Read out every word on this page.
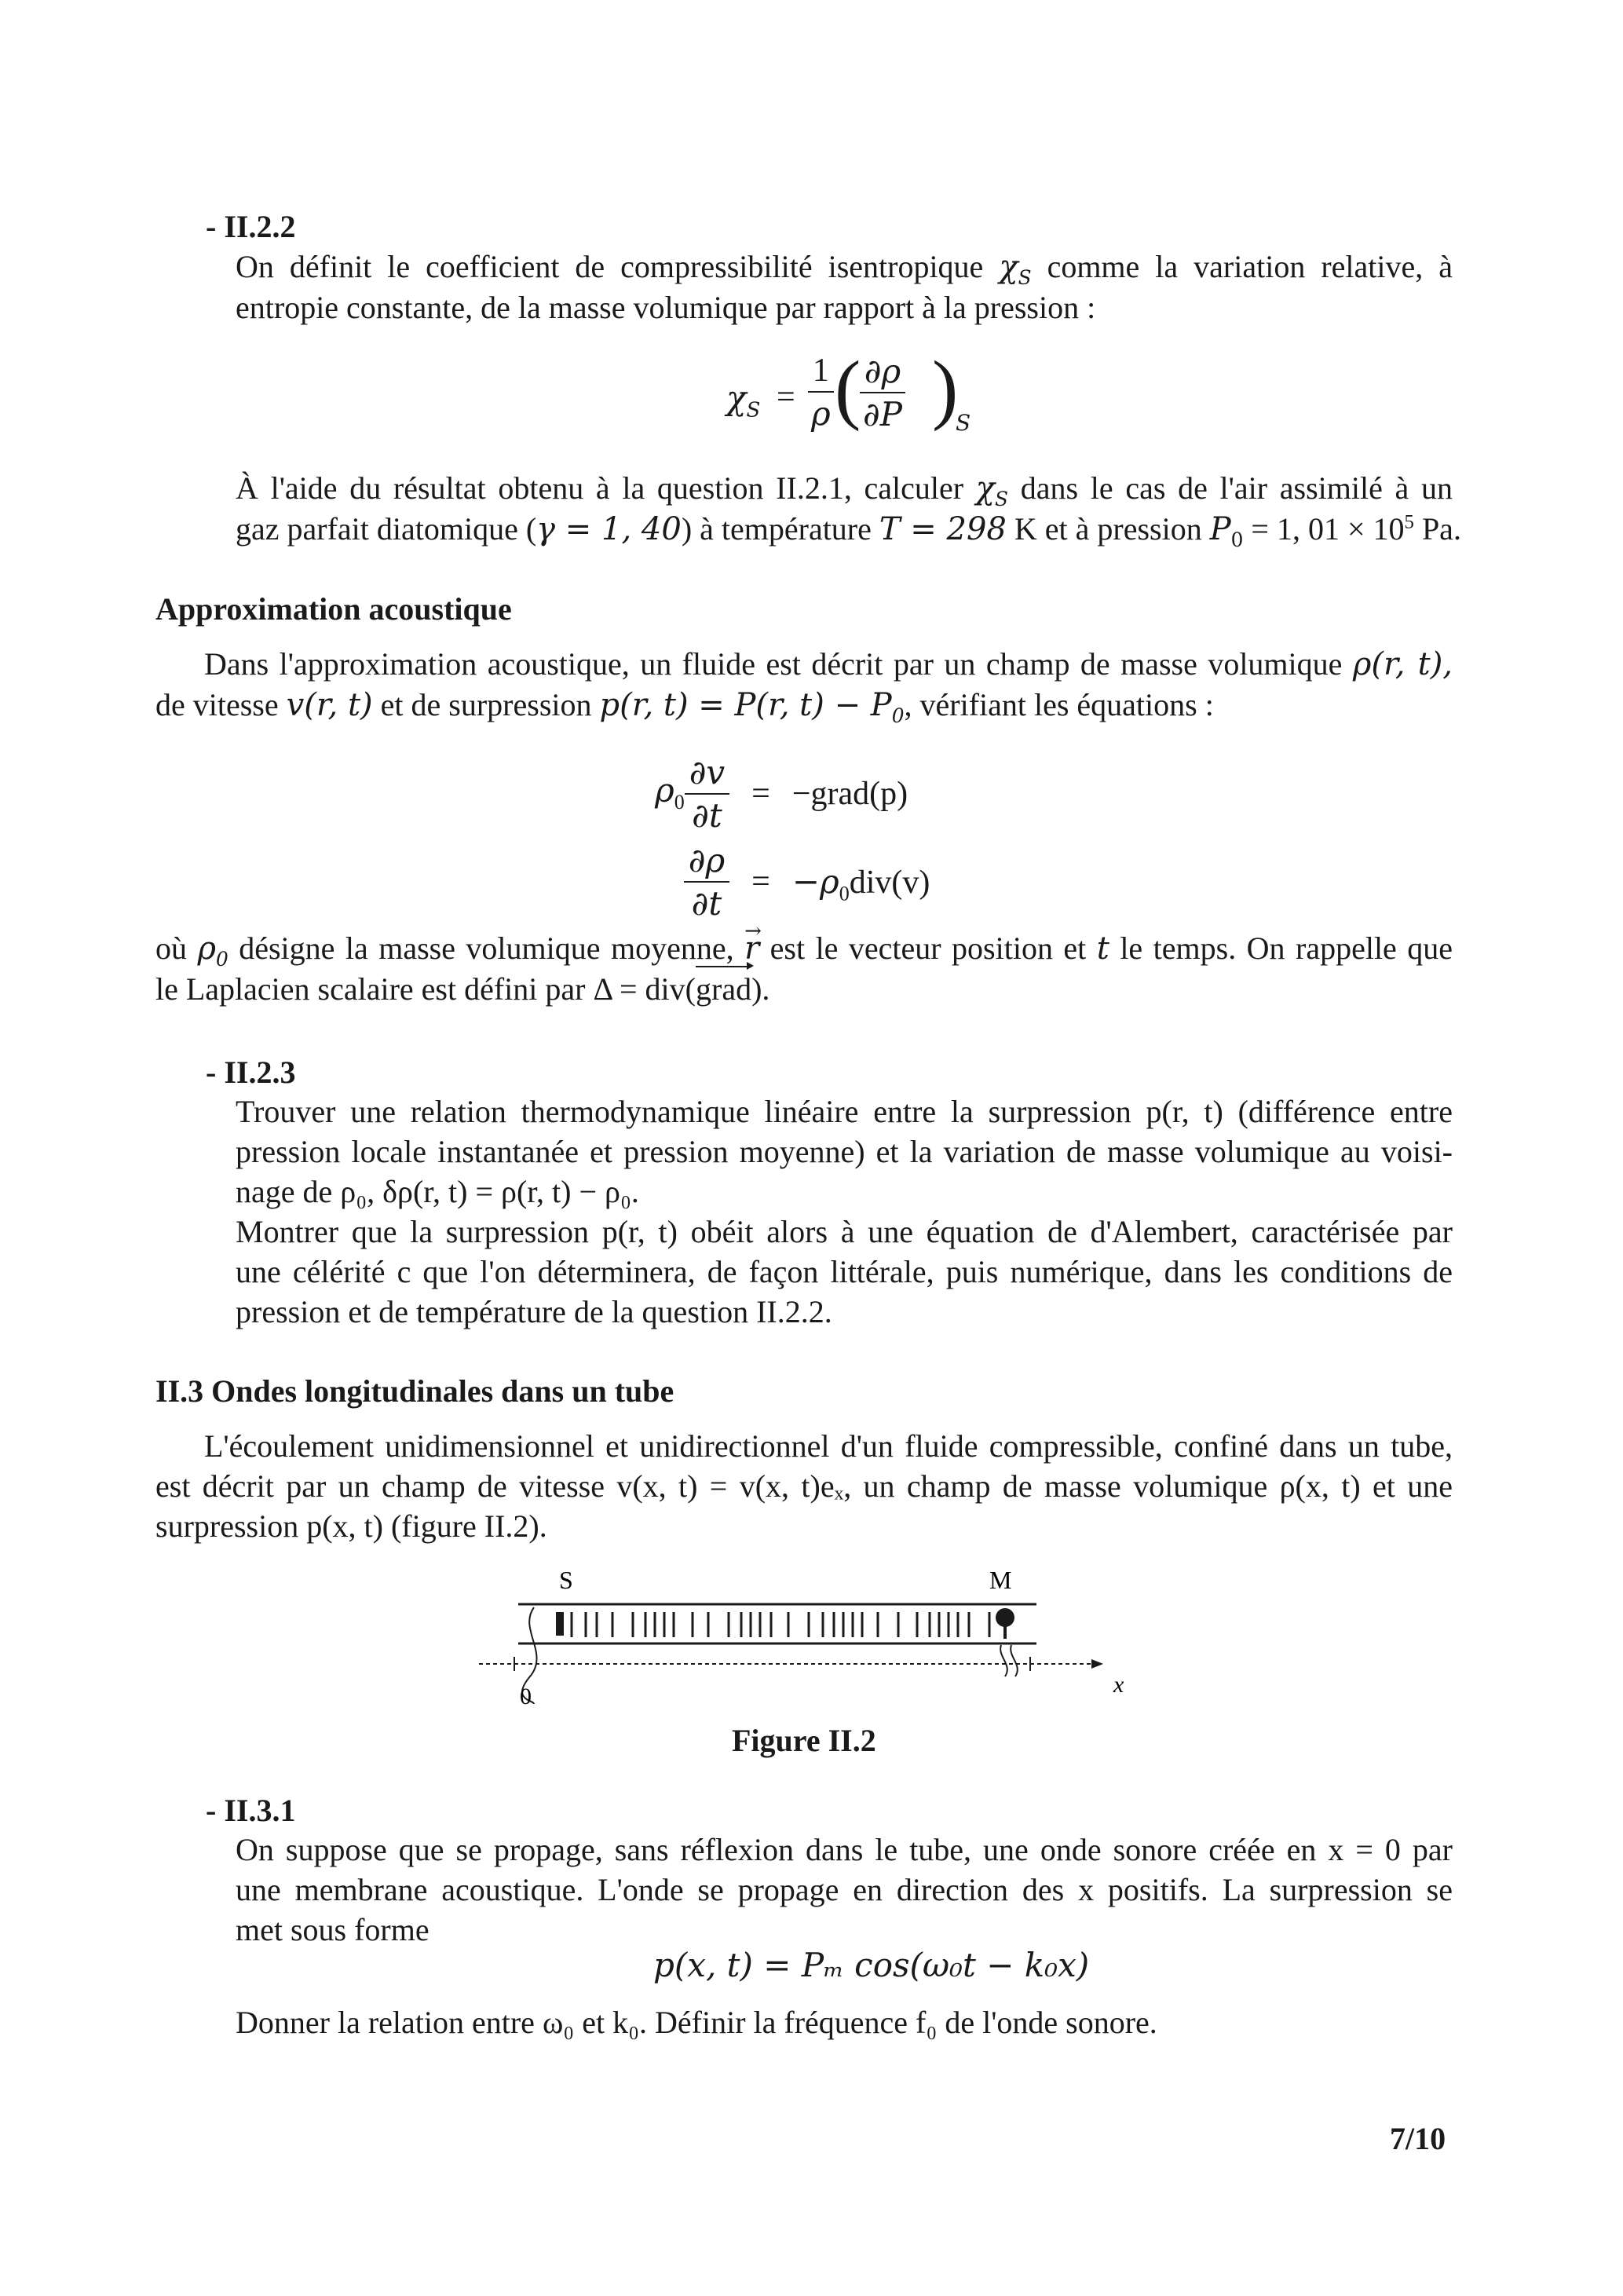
- II.2.2
On définit le coefficient de compressibilité isentropique $\chi_S$ comme la variation relative, à
entropie constante, de la masse volumique par rapport à la pression :
$\chi_S = \frac{1}{\rho}$ (
$\frac{\partial\rho}{\partial P}$ )
S
À l'aide du résultat obtenu à la question II.2.1, calculer $\chi_S$ dans le cas de l'air assimilé à un
gaz parfait diatomique (γ = 1, 40) à température T = 298 K et à pression $P_0 = 1$, $01 \times 10^5$ Pa.
Approximation acoustique
Dans l'approximation acoustique, un fluide est décrit par un champ de masse volumique ρ(r, t),
de vitesse v(r, t) et de surpression p(r, t) = P(r, $t) - P_0$, vérifiant les équations :
$\rho_0 \frac{\partial v}{\partial t}$	=	−grad(p)

$\frac{\partial\rho}{\partial t}$	=	$-\rho_0div(v)$
où $\rho_0$ désigne la masse volumique moyenne, r → est le vecteur position et t le temps. On rappelle que
le Laplacien scalaire est défini par Δ = div(grad).
- II.2.3
Trouver une relation thermodynamique linéaire entre la surpression p(r, t) (différence entre
pression locale instantanée et pression moyenne) et la variation de masse volumique au voisi-
nage de ρ₀, δρ(r, t) = ρ(r, t) − ρ₀.
Montrer que la surpression p(r, t) obéit alors à une équation de d'Alembert, caractérisée par
une célérité c que l'on déterminera, de façon littérale, puis numérique, dans les conditions de
pression et de température de la question II.2.2.
II.3 Ondes longitudinales dans un tube
L'écoulement unidimensionnel et unidirectionnel d'un fluide compressible, confiné dans un tube,
est décrit par un champ de vitesse v(x, t) = v(x, t)eₓ, un champ de masse volumique ρ(x, t) et une
surpression p(x, t) (figure II.2).
S	M
0	x
Figure II.2
- II.3.1
On suppose que se propage, sans réflexion dans le tube, une onde sonore créée en x = 0 par
une membrane acoustique. L'onde se propage en direction des x positifs. La surpression se
met sous forme
p(x, t) = Pₘ cos(ω₀t − k₀x)
Donner la relation entre ω₀ et k₀. Définir la fréquence f₀ de l'onde sonore.
7/10
